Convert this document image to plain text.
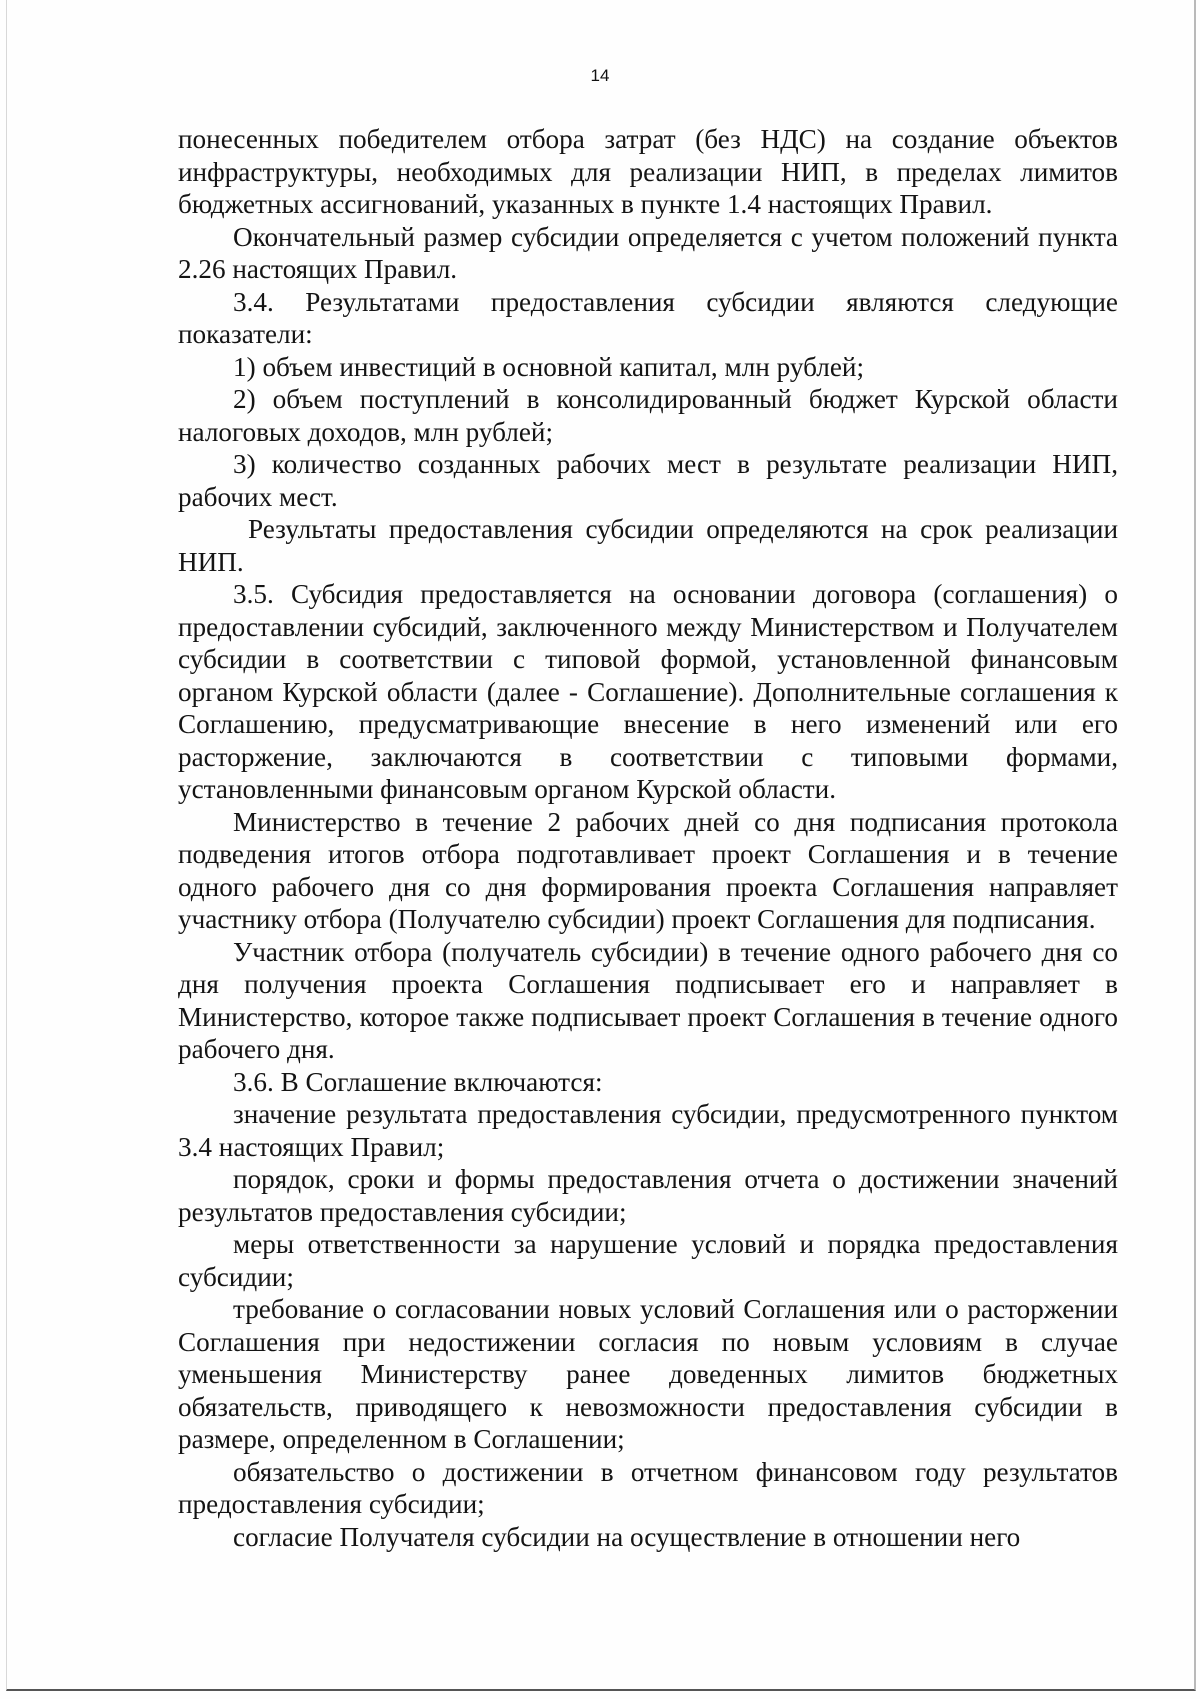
14

понесенных победителем отбора затрат (без НДС) на создание объектов инфраструктуры, необходимых для реализации НИП, в пределах лимитов бюджетных ассигнований, указанных в пункте 1.4 настоящих Правил.

Окончательный размер субсидии определяется с учетом положений пункта 2.26 настоящих Правил.

3.4. Результатами предоставления субсидии являются следующие показатели:

1) объем инвестиций в основной капитал, млн рублей;

2) объем поступлений в консолидированный бюджет Курской области налоговых доходов, млн рублей;

3) количество созданных рабочих мест в результате реализации НИП, рабочих мест.

Результаты предоставления субсидии определяются на срок реализации НИП.

3.5. Субсидия предоставляется на основании договора (соглашения) о предоставлении субсидий, заключенного между Министерством и Получателем субсидии в соответствии с типовой формой, установленной финансовым органом Курской области (далее - Соглашение). Дополнительные соглашения к Соглашению, предусматривающие внесение в него изменений или его расторжение, заключаются в соответствии с типовыми формами, установленными финансовым органом Курской области.

Министерство в течение 2 рабочих дней со дня подписания протокола подведения итогов отбора подготавливает проект Соглашения и в течение одного рабочего дня со дня формирования проекта Соглашения направляет участнику отбора (Получателю субсидии) проект Соглашения для подписания.

Участник отбора (получатель субсидии) в течение одного рабочего дня со дня получения проекта Соглашения подписывает его и направляет в Министерство, которое также подписывает проект Соглашения в течение одного рабочего дня.

3.6. В Соглашение включаются:

значение результата предоставления субсидии, предусмотренного пунктом 3.4 настоящих Правил;

порядок, сроки и формы предоставления отчета о достижении значений результатов предоставления субсидии;

меры ответственности за нарушение условий и порядка предоставления субсидии;

требование о согласовании новых условий Соглашения или о расторжении Соглашения при недостижении согласия по новым условиям в случае уменьшения Министерству ранее доведенных лимитов бюджетных обязательств, приводящего к невозможности предоставления субсидии в размере, определенном в Соглашении;

обязательство о достижении в отчетном финансовом году результатов предоставления субсидии;

согласие Получателя субсидии на осуществление в отношении него
